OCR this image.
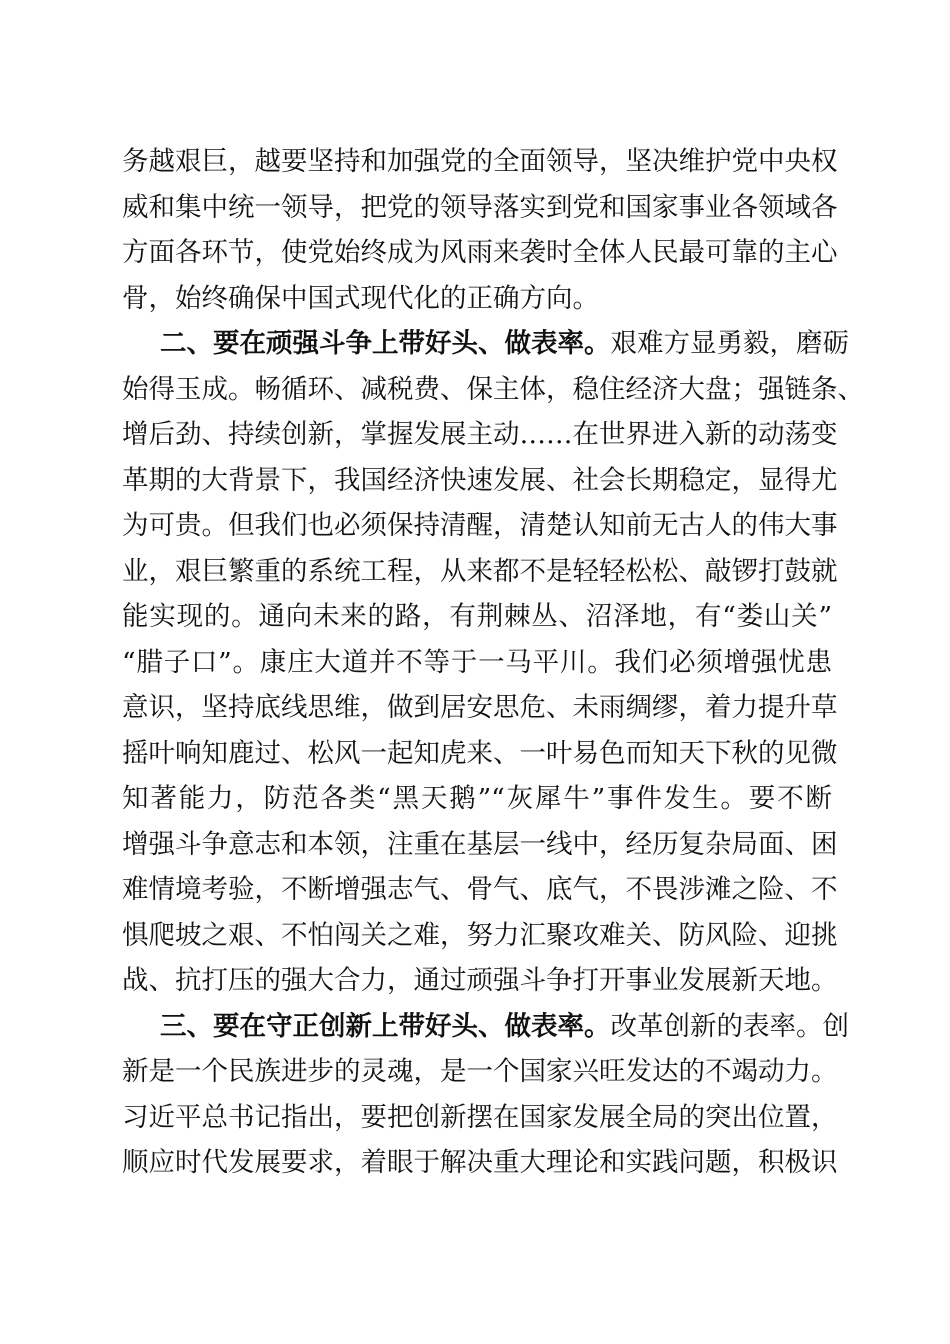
务越艰巨，越要坚持和加强党的全面领导，坚决维护党中央权
威和集中统一领导，把党的领导落实到党和国家事业各领域各
方面各环节，使党始终成为风雨来袭时全体人民最可靠的主心
骨，始终确保中国式现代化的正确方向。
二、要在顽强斗争上带好头、做表率。艰难方显勇毅，磨砺
始得玉成。畅循环、减税费、保主体，稳住经济大盘；强链条、
增后劲、持续创新，掌握发展主动……在世界进入新的动荡变
革期的大背景下，我国经济快速发展、社会长期稳定，显得尤
为可贵。但我们也必须保持清醒，清楚认知前无古人的伟大事
业，艰巨繁重的系统工程，从来都不是轻轻松松、敲锣打鼓就
能实现的。通向未来的路，有荆棘丛、沼泽地，有“娄山关”
“腊子口”。康庄大道并不等于一马平川。我们必须增强忧患
意识，坚持底线思维，做到居安思危、未雨绸缪，着力提升草
摇叶响知鹿过、松风一起知虎来、一叶易色而知天下秋的见微
知著能力，防范各类“黑天鹅”“灰犀牛”事件发生。要不断
增强斗争意志和本领，注重在基层一线中，经历复杂局面、困
难情境考验，不断增强志气、骨气、底气，不畏涉滩之险、不
惧爬坡之艰、不怕闯关之难，努力汇聚攻难关、防风险、迎挑
战、抗打压的强大合力，通过顽强斗争打开事业发展新天地。
三、要在守正创新上带好头、做表率。改革创新的表率。创
新是一个民族进步的灵魂，是一个国家兴旺发达的不竭动力。
习近平总书记指出，要把创新摆在国家发展全局的突出位置，
顺应时代发展要求，着眼于解决重大理论和实践问题，积极识
